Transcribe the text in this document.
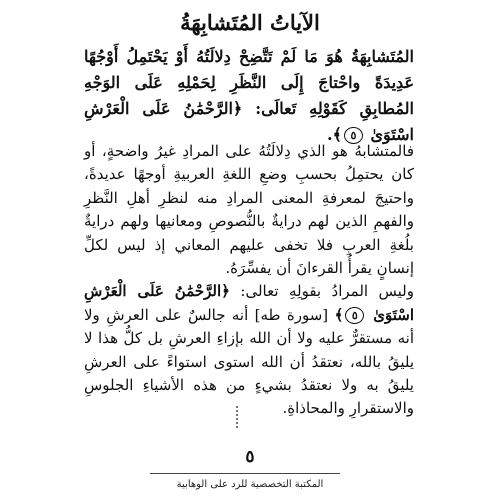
الآياتُ المُتَشابِهَةُ
المُتَشابِهَةُ هُوَ مَا لَمْ تَتَّضِحْ دِلالَتُهُ أَوْ يَحْتَمِلُ أَوْجُهًا عَدِيدَةً واحْتاجَ إِلَى النَّظَرِ لِحَمْلِهِ عَلَى الوَجْهِ المُطابِقِ كَقَوْلِهِ تَعالَى: ﴿الرَّحْمَٰنُ عَلَى الْعَرْشِ اسْتَوَىٰ ٥﴾.

فالمتشابهُ هو الذي دِلالَتُهُ على المرادِ غيرُ واضحةٍ، أو كان يحتمِلُ بحسبِ وضعِ اللغةِ العربيةِ أوجهًا عديدةً، واحتيجَ لمعرفةِ المعنى المرادِ منه لنظرِ أهلِ النَّظرِ والفهمِ الذين لهم درايةٌ بالنُّصوصِ ومعانيها ولهم درايةٌ بلُغةِ العربِ فلا تخفى عليهم المعاني إذ ليس لكلِّ إنسانٍ يقرأُ القرءانَ أن يفسِّرَهُ.

وليس المرادُ بقولِهِ تعالى: ﴿الرَّحْمَٰنُ عَلَى الْعَرْشِ اسْتَوَىٰ ٥﴾ [سورة طه] أنه جالسٌ على العرشِ ولا أنه مستقرٌّ عليه ولا أن الله بإزاءِ العرشِ بل كلُّ هذا لا يليقُ بالله، نعتقدُ أن الله استوى استواءً على العرشِ يليقُ به ولا نعتقدُ بشيءٍ من هذه الأشياءِ الجلوسِ والاستقرارِ والمحاذاةِ.

٥
المكتبة التخصصية للرد على الوهابية
